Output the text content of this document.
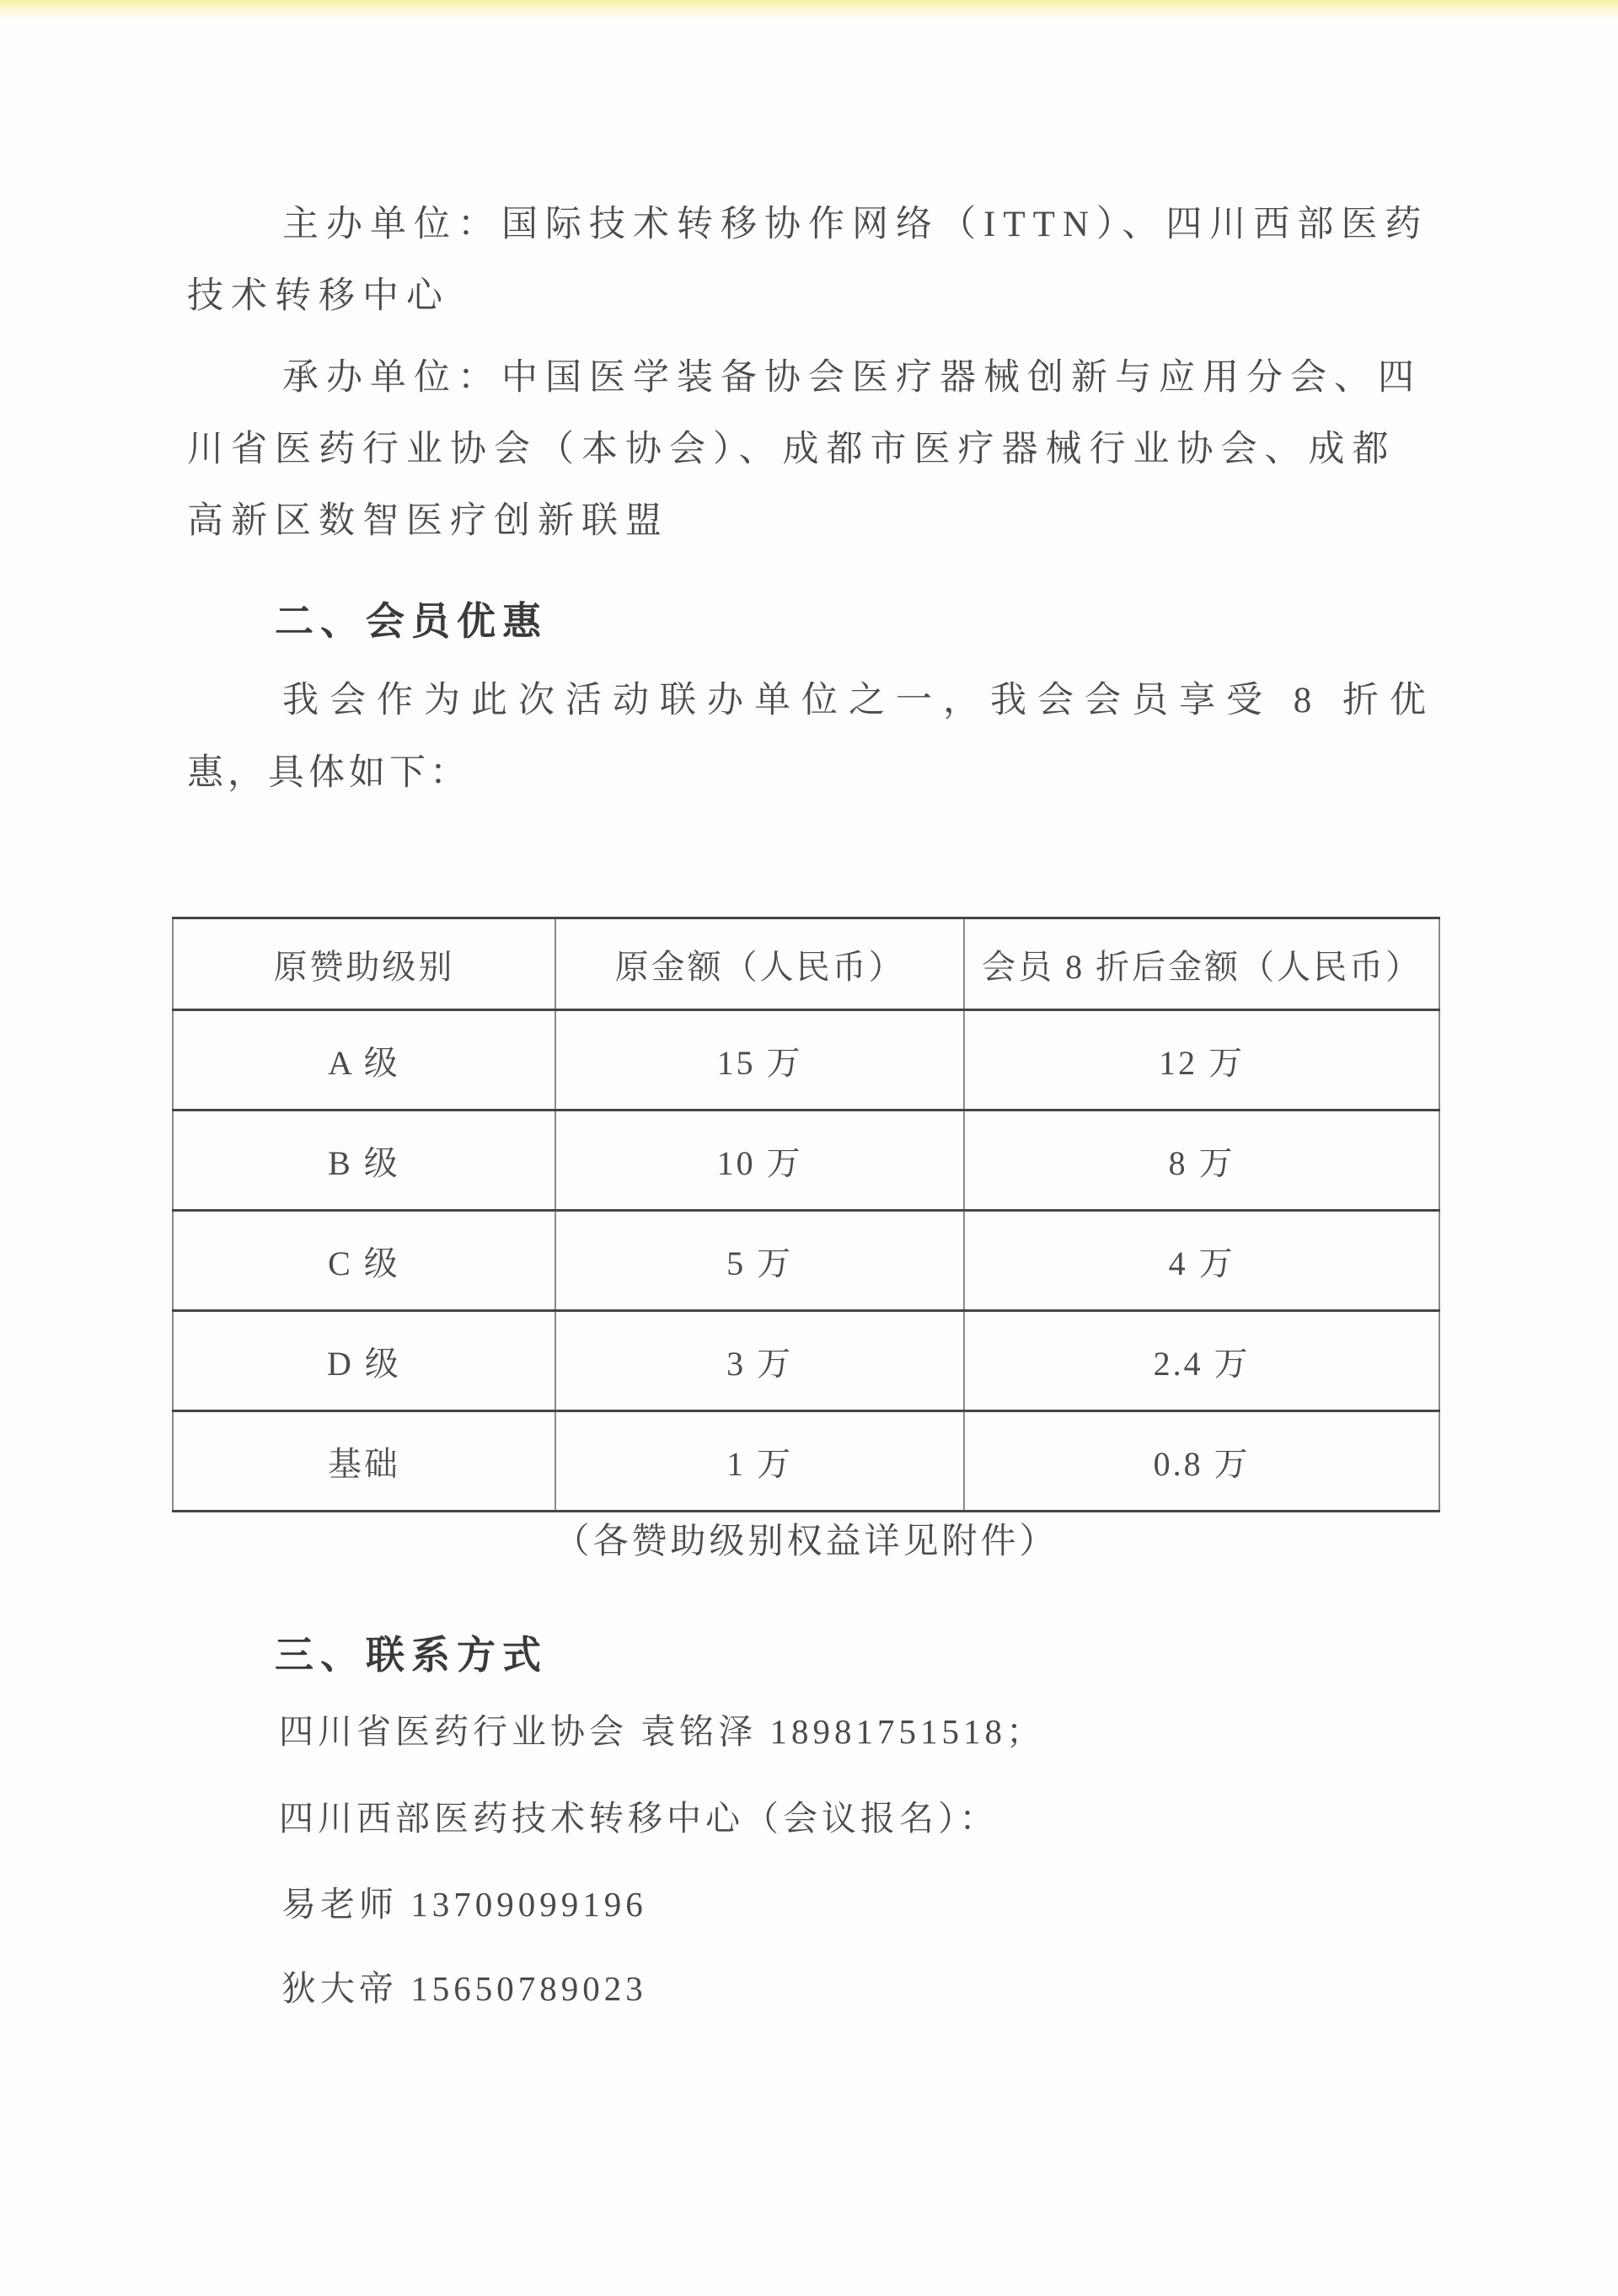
主办单位：国际技术转移协作网络（ITTN）、四川西部医药
技术转移中心
承办单位：中国医学装备协会医疗器械创新与应用分会、四
川省医药行业协会（本协会）、成都市医疗器械行业协会、成都
高新区数智医疗创新联盟
二、会员优惠
我会作为此次活动联办单位之一，我会会员享受 8 折优
惠，具体如下：
原赞助级别	原金额（人民币）	会员 8 折后金额（人民币）
A 级	15 万	12 万
B 级	10 万	8 万
C 级	5 万	4 万
D 级	3 万	2.4 万
基础	1 万	0.8 万
（各赞助级别权益详见附件）
三、联系方式
四川省医药行业协会 袁铭泽 18981751518；
四川西部医药技术转移中心（会议报名）：
易老师 13709099196
狄大帝 15650789023
